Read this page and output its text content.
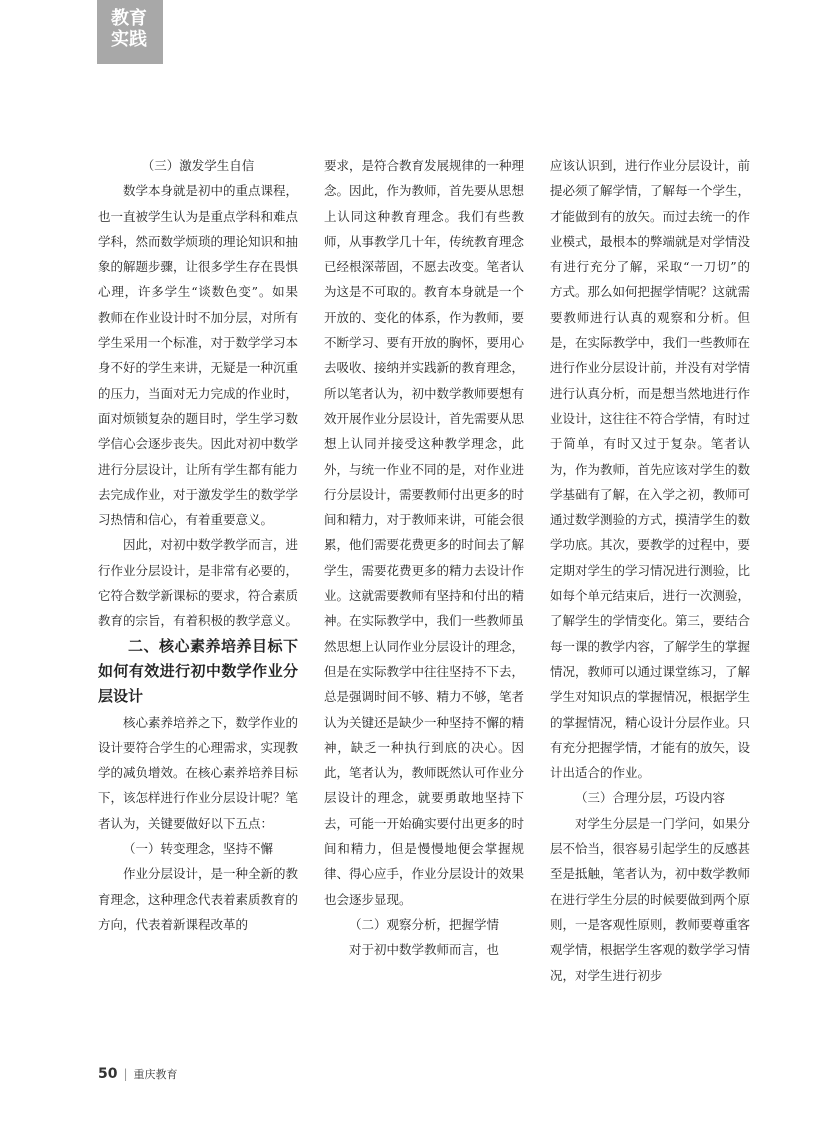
教育
实践

（三）激发学生自信

数学本身就是初中的重点课程，也一直被学生认为是重点学科和难点学科，然而数学烦琐的理论知识和抽象的解题步骤，让很多学生存在畏惧心理，许多学生“谈数色变”。如果教师在作业设计时不加分层，对所有学生采用一个标准，对于数学学习本身不好的学生来讲，无疑是一种沉重的压力，当面对无力完成的作业时，面对烦锁复杂的题目时，学生学习数学信心会逐步丧失。因此对初中数学进行分层设计，让所有学生都有能力去完成作业，对于激发学生的数学学习热情和信心，有着重要意义。

因此，对初中数学教学而言，进行作业分层设计，是非常有必要的，它符合数学新课标的要求，符合素质教育的宗旨，有着积极的教学意义。

二、核心素养培养目标下如何有效进行初中数学作业分层设计

核心素养培养之下，数学作业的设计要符合学生的心理需求，实现教学的减负增效。在核心素养培养目标下，该怎样进行作业分层设计呢？笔者认为，关键要做好以下五点：

（一）转变理念，坚持不懈

作业分层设计，是一种全新的教育理念，这种理念代表着素质教育的方向，代表着新课程改革的

要求，是符合教育发展规律的一种理念。因此，作为教师，首先要从思想上认同这种教育理念。我们有些教师，从事教学几十年，传统教育理念已经根深蒂固，不愿去改变。笔者认为这是不可取的。教育本身就是一个开放的、变化的体系，作为教师，要不断学习、要有开放的胸怀，要用心去吸收、接纳并实践新的教育理念，所以笔者认为，初中数学教师要想有效开展作业分层设计，首先需要从思想上认同并接受这种教学理念，此外，与统一作业不同的是，对作业进行分层设计，需要教师付出更多的时间和精力，对于教师来讲，可能会很累，他们需要花费更多的时间去了解学生，需要花费更多的精力去设计作业。这就需要教师有坚持和付出的精神。在实际教学中，我们一些教师虽然思想上认同作业分层设计的理念，但是在实际教学中往往坚持不下去，总是强调时间不够、精力不够，笔者认为关键还是缺少一种坚持不懈的精神，缺乏一种执行到底的决心。因此，笔者认为，教师既然认可作业分层设计的理念，就要勇敢地坚持下去，可能一开始确实要付出更多的时间和精力，但是慢慢地便会掌握规律、得心应手，作业分层设计的效果也会逐步显现。

（二）观察分析，把握学情

对于初中数学教师而言，也

应该认识到，进行作业分层设计，前提必须了解学情，了解每一个学生，才能做到有的放矢。而过去统一的作业模式，最根本的弊端就是对学情没有进行充分了解，采取“一刀切”的方式。那么如何把握学情呢？这就需要教师进行认真的观察和分析。但是，在实际教学中，我们一些教师在进行作业分层设计前，并没有对学情进行认真分析，而是想当然地进行作业设计，这往往不符合学情，有时过于简单，有时又过于复杂。笔者认为，作为教师，首先应该对学生的数学基础有了解，在入学之初，教师可通过数学测验的方式，摸清学生的数学功底。其次，要教学的过程中，要定期对学生的学习情况进行测验，比如每个单元结束后，进行一次测验，了解学生的学情变化。第三，要结合每一课的教学内容，了解学生的掌握情况，教师可以通过课堂练习，了解学生对知识点的掌握情况，根据学生的掌握情况，精心设计分层作业。只有充分把握学情，才能有的放矢，设计出适合的作业。

（三）合理分层，巧设内容

对学生分层是一门学问，如果分层不恰当，很容易引起学生的反感甚至是抵触，笔者认为，初中数学教师在进行学生分层的时候要做到两个原则，一是客观性原则，教师要尊重客观学情，根据学生客观的数学学习情况，对学生进行初步

50 | 重庆教育
